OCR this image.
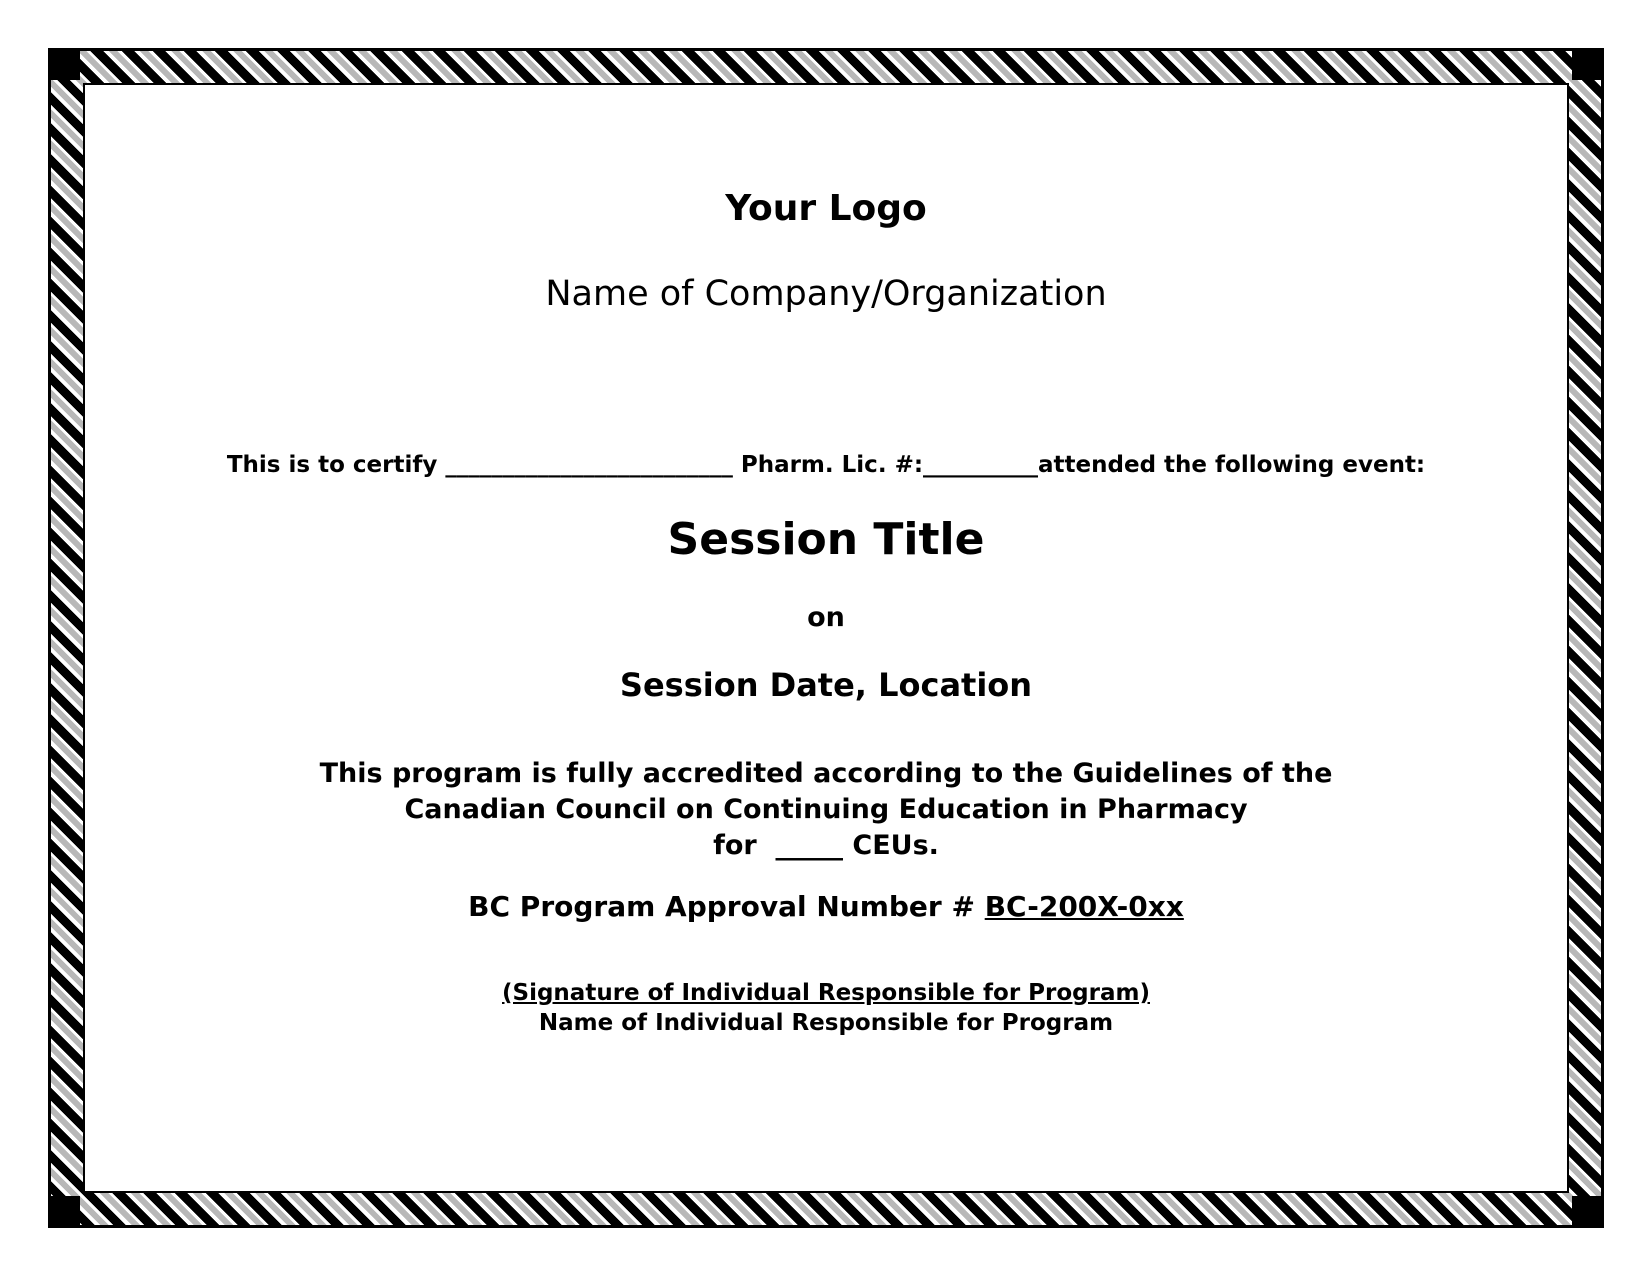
Your Logo
Name of Company/Organization
This is to certify _________________________ Pharm. Lic. #:__________attended the following event:
Session Title
on
Session Date, Location
This program is fully accredited according to the Guidelines of the
Canadian Council on Continuing Education in Pharmacy
for  _____ CEUs.
BC Program Approval Number # BC-200X-0xx
(Signature of Individual Responsible for Program)
Name of Individual Responsible for Program
